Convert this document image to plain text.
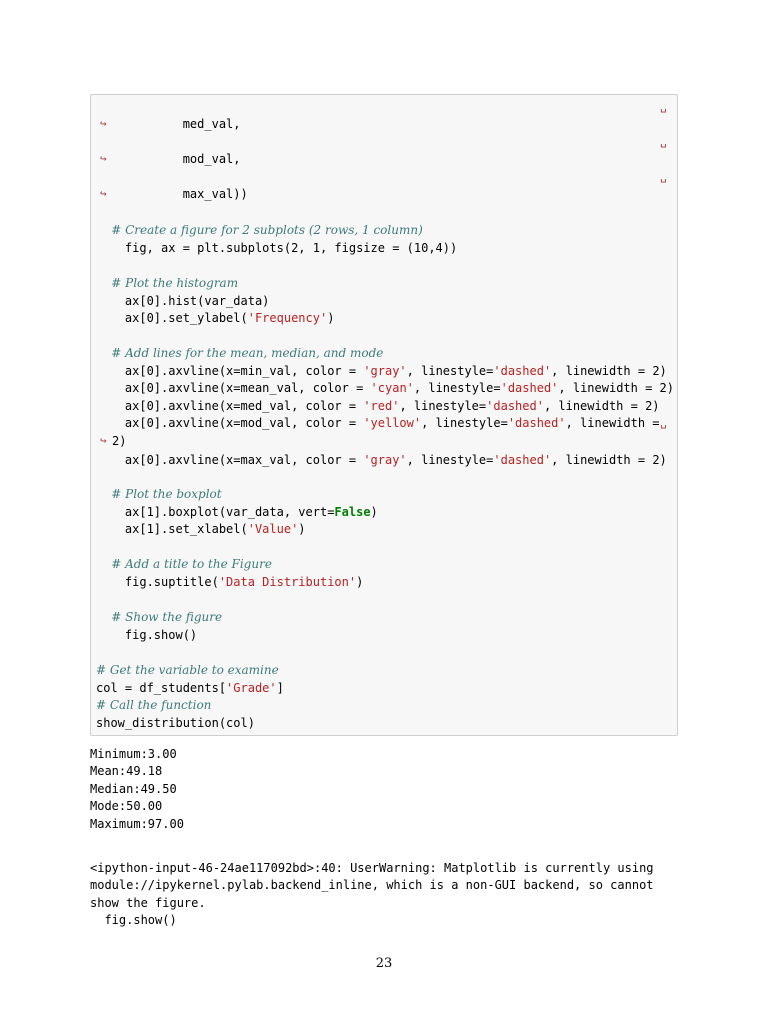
␣
↪
␣
↪
␣
↪
␣
↪
med_val,
mod_val,
max_val))
# Create a figure for 2 subplots (2 rows, 1 column)
fig, ax = plt.subplots(2, 1, figsize = (10,4))
# Plot the histogram
ax[0].hist(var_data)
ax[0].set_ylabel('Frequency')
# Add lines for the mean, median, and mode
ax[0].axvline(x=min_val, color = 'gray', linestyle='dashed', linewidth = 2)
ax[0].axvline(x=mean_val, color = 'cyan', linestyle='dashed', linewidth = 2)
ax[0].axvline(x=med_val, color = 'red', linestyle='dashed', linewidth = 2)
ax[0].axvline(x=mod_val, color = 'yellow', linestyle='dashed', linewidth =
2)
ax[0].axvline(x=max_val, color = 'gray', linestyle='dashed', linewidth = 2)
# Plot the boxplot
ax[1].boxplot(var_data, vert=False)
ax[1].set_xlabel('Value')
# Add a title to the Figure
fig.suptitle('Data Distribution')
# Show the figure
fig.show()
# Get the variable to examine
col = df_students['Grade']
# Call the function
show_distribution(col)
Minimum:3.00
Mean:49.18
Median:49.50
Mode:50.00
Maximum:97.00
<ipython-input-46-24ae117092bd>:40: UserWarning: Matplotlib is currently using
module://ipykernel.pylab.backend_inline, which is a non-GUI backend, so cannot
show the figure.
fig.show()
23
